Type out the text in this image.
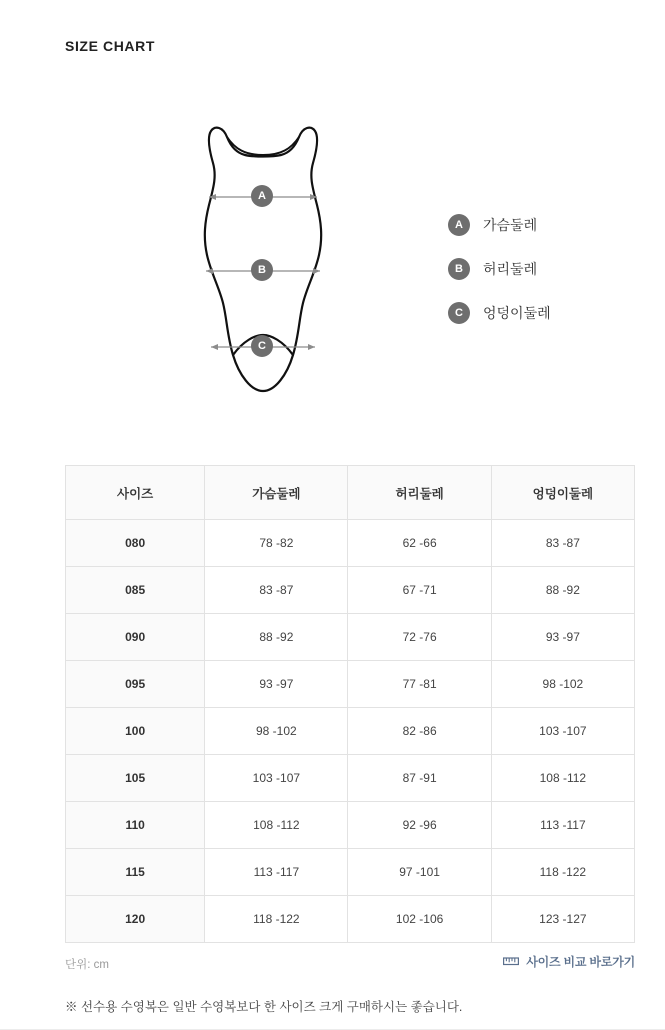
SIZE CHART
A
B
C
A	가슴둘레
B	허리둘레
C	엉덩이둘레
사이즈	가슴둘레	허리둘레	엉덩이둘레
080	78 -82	62 -66	83 -87
085	83 -87	67 -71	88 -92
090	88 -92	72 -76	93 -97
095	93 -97	77 -81	98 -102
100	98 -102	82 -86	103 -107
105	103 -107	87 -91	108 -112
110	108 -112	92 -96	113 -117
115	113 -117	97 -101	118 -122
120	118 -122	102 -106	123 -127
단위: cm	사이즈 비교 바로가기
※ 선수용 수영복은 일반 수영복보다 한 사이즈 크게 구매하시는 좋습니다.
